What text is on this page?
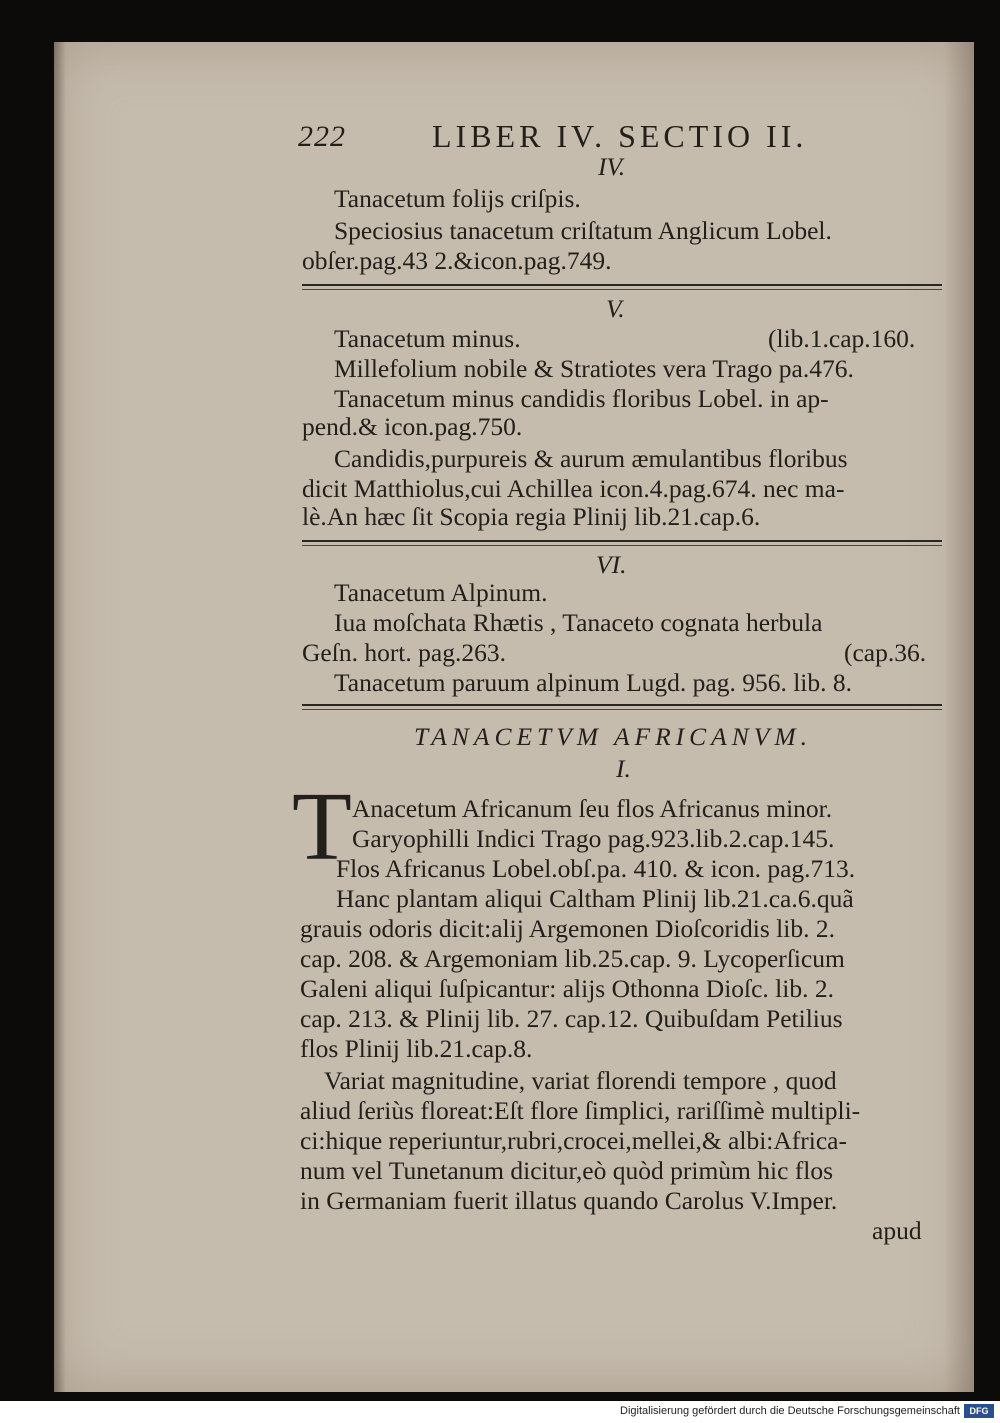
222	LIBER IV. SECTIO II.
IV.
Tanacetum folijs criſpis.
Speciosius tanacetum criſtatum Anglicum Lobel.
obſer.pag.43 2.&icon.pag.749.
V.
Tanacetum minus.	(lib.1.cap.160.
Millefolium nobile & Stratiotes vera Trago pa.476.
Tanacetum minus candidis floribus Lobel. in ap-
pend.& icon.pag.750.
Candidis,purpureis & aurum æmulantibus floribus
dicit Matthiolus,cui Achillea icon.4.pag.674. nec ma-
lè.An hæc ſit Scopia regia Plinij lib.21.cap.6.
VI.
Tanacetum Alpinum.
Iua moſchata Rhætis , Tanaceto cognata herbula
Geſn. hort. pag.263.	(cap.36.
Tanacetum paruum alpinum Lugd. pag. 956. lib. 8.
TANACETVM AFRICANVM.
I.
T Anacetum Africanum ſeu flos Africanus minor.
Garyophilli Indici Trago pag.923.lib.2.cap.145.
Flos Africanus Lobel.obſ.pa. 410. & icon. pag.713.
Hanc plantam aliqui Caltham Plinij lib.21.ca.6.quã
grauis odoris dicit:alij Argemonen Dioſcoridis lib. 2.
cap. 208. & Argemoniam lib.25.cap. 9. Lycoperſicum
Galeni aliqui ſuſpicantur: alijs Othonna Dioſc. lib. 2.
cap. 213. & Plinij lib. 27. cap.12. Quibuſdam Petilius
flos Plinij lib.21.cap.8.
Variat magnitudine, variat florendi tempore , quod
aliud ſeriùs floreat:Eſt flore ſimplici, rariſſimè multipli-
ci:hique reperiuntur,rubri,crocei,mellei,& albi:Africa-
num vel Tunetanum dicitur,eò quòd primùm hic flos
in Germaniam fuerit illatus quando Carolus V.Imper.
apud
Digitalisierung gefördert durch die Deutsche Forschungsgemeinschaft	DFG
